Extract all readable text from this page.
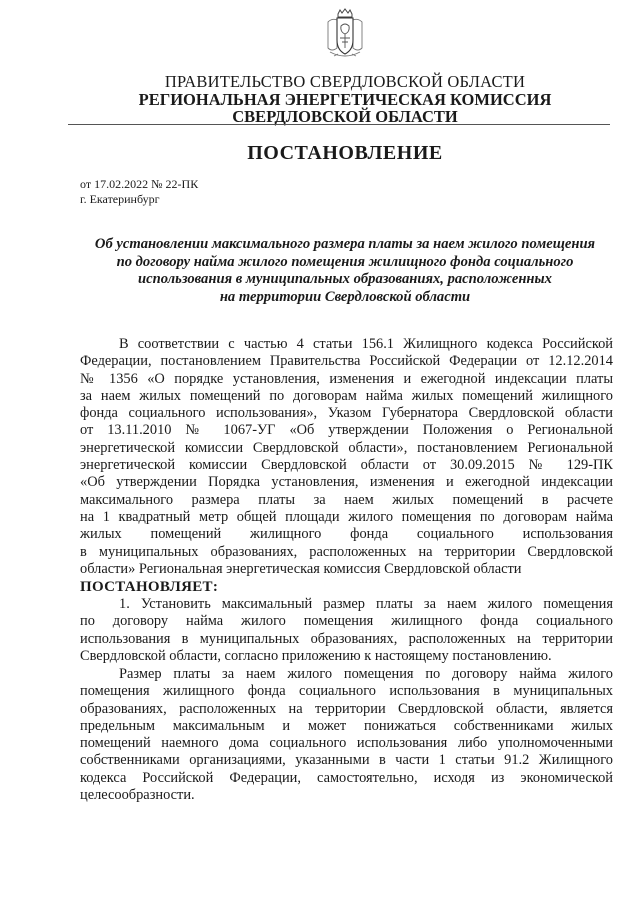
ПРАВИТЕЛЬСТВО СВЕРДЛОВСКОЙ ОБЛАСТИ
РЕГИОНАЛЬНАЯ ЭНЕРГЕТИЧЕСКАЯ КОМИССИЯ
СВЕРДЛОВСКОЙ ОБЛАСТИ
ПОСТАНОВЛЕНИЕ
от 17.02.2022 № 22-ПК
г. Екатеринбург
Об установлении максимального размера платы за наем жилого помещения
по договору найма жилого помещения жилищного фонда социального
использования в муниципальных образованиях, расположенных
на территории Свердловской области
В соответствии с частью 4 статьи 156.1 Жилищного кодекса Российской
Федерации, постановлением Правительства Российской Федерации от 12.12.2014
№ 1356 «О порядке установления, изменения и ежегодной индексации платы
за наем жилых помещений по договорам найма жилых помещений жилищного
фонда социального использования», Указом Губернатора Свердловской области
от 13.11.2010 № 1067-УГ «Об утверждении Положения о Региональной
энергетической комиссии Свердловской области», постановлением Региональной
энергетической комиссии Свердловской области от 30.09.2015 № 129-ПК
«Об утверждении Порядка установления, изменения и ежегодной индексации
максимального размера платы за наем жилых помещений в расчете
на 1 квадратный метр общей площади жилого помещения по договорам найма
жилых помещений жилищного фонда социального использования
в муниципальных образованиях, расположенных на территории Свердловской
области» Региональная энергетическая комиссия Свердловской области
ПОСТАНОВЛЯЕТ:
1. Установить максимальный размер платы за наем жилого помещения
по договору найма жилого помещения жилищного фонда социального
использования в муниципальных образованиях, расположенных на территории
Свердловской области, согласно приложению к настоящему постановлению.
Размер платы за наем жилого помещения по договору найма жилого
помещения жилищного фонда социального использования в муниципальных
образованиях, расположенных на территории Свердловской области, является
предельным максимальным и может понижаться собственниками жилых
помещений наемного дома социального использования либо уполномоченными
собственниками организациями, указанными в части 1 статьи 91.2 Жилищного
кодекса Российской Федерации, самостоятельно, исходя из экономической
целесообразности.
